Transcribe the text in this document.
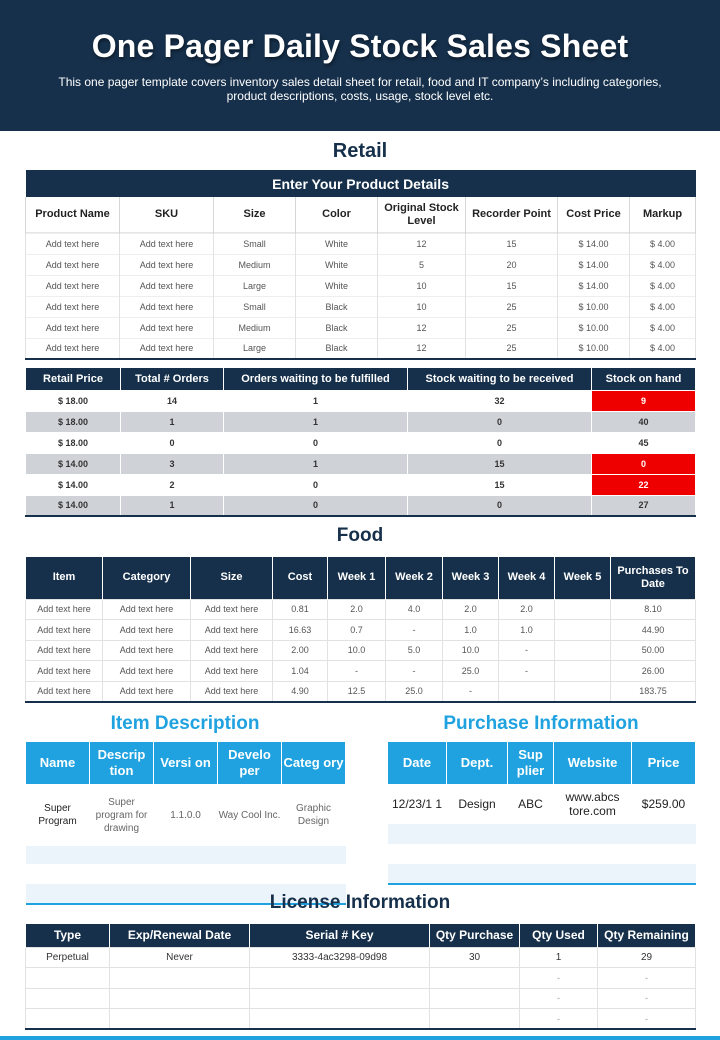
One Pager Daily Stock Sales Sheet

This one pager template covers inventory sales detail sheet for retail, food and IT company’s including categories,
product descriptions, costs, usage, stock level etc.

Retail
Enter Your Product Details							
Product Name	SKU	Size	Color	Original Stock Level	Recorder Point	Cost Price	Markup
Add text here	Add text here	Small	White	12	15	$ 14.00	$ 4.00
Add text here	Add text here	Medium	White	5	20	$ 14.00	$ 4.00
Add text here	Add text here	Large	White	10	15	$ 14.00	$ 4.00
Add text here	Add text here	Small	Black	10	25	$ 10.00	$ 4.00
Add text here	Add text here	Medium	Black	12	25	$ 10.00	$ 4.00
Add text here	Add text here	Large	Black	12	25	$ 10.00	$ 4.00
Retail Price	Total # Orders	Orders waiting to be fulfilled	Stock waiting to be received	Stock on hand
$ 18.00	14	1	32	9
$ 18.00	1	1	0	40
$ 18.00	0	0	0	45
$ 14.00	3	1	15	0
$ 14.00	2	0	15	22
$ 14.00	1	0	0	27
Food
Item	Category	Size	Cost	Week 1	Week 2	Week 3	Week 4	Week 5	Purchases To Date
Add text here	Add text here	Add text here	0.81	2.0	4.0	2.0	2.0		8.10
Add text here	Add text here	Add text here	16.63	0.7	-	1.0	1.0		44.90
Add text here	Add text here	Add text here	2.00	10.0	5.0	10.0	-		50.00
Add text here	Add text here	Add text here	1.04	-	-	25.0	-		26.00
Add text here	Add text here	Add text here	4.90	12.5	25.0	-			183.75
Item Description	Purchase Information
Name	Descrip tion	Versi on	Develo per	Categ ory
Super Program	Super program for drawing	1.1.0.0	Way Cool Inc.	Graphic Design

Date	Dept.	Sup plier	Website	Price
12/23/1 1	Design	ABC	www.abcs tore.com	$259.00

License Information
Type	Exp/Renewal Date	Serial # Key	Qty Purchase	Qty Used	Qty Remaining
Perpetual	Never	3333-4ac3298-09d98	30	1	29
				-	-
				-	-
				-	-
